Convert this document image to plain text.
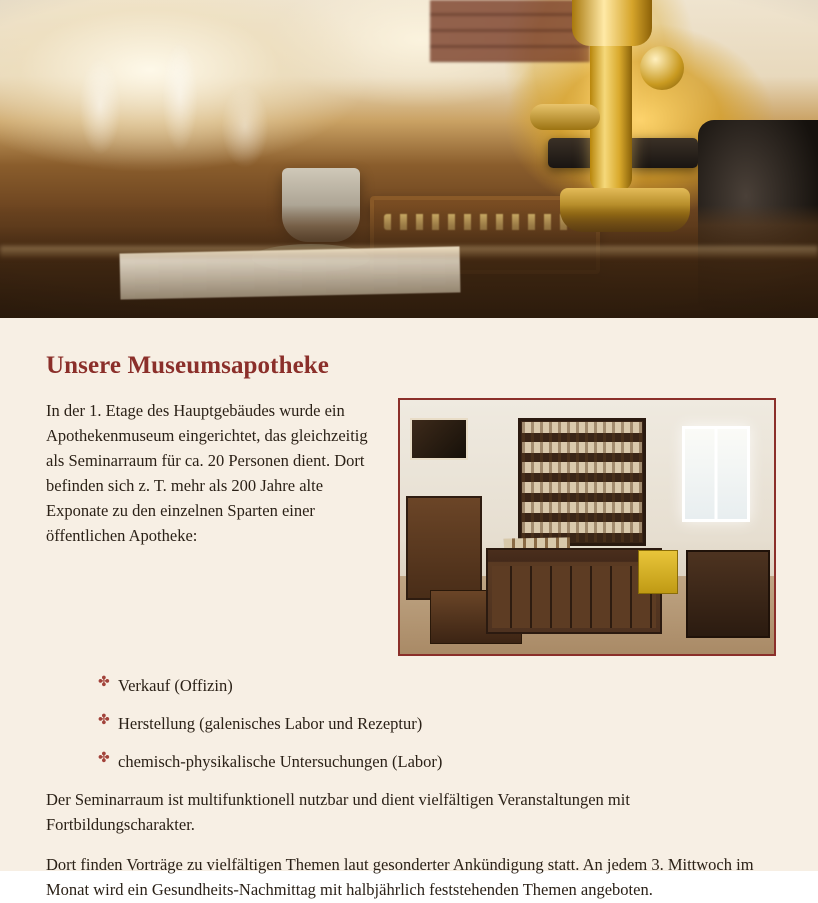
Unsere Museumsapotheke

In der 1. Etage des Hauptgebäudes wurde ein Apothekenmuseum eingerichtet, das gleichzeitig als Seminarraum für ca. 20 Personen dient. Dort befinden sich z. T. mehr als 200 Jahre alte Exponate zu den einzelnen Sparten einer öffentlichen Apotheke:

✤ Verkauf (Offizin)
✤ Herstellung (galenisches Labor und Rezeptur)
✤ chemisch-physikalische Untersuchungen (Labor)

Der Seminarraum ist multifunktionell nutzbar und dient vielfältigen Veranstaltungen mit Fortbildungscharakter.

Dort finden Vorträge zu vielfältigen Themen laut gesonderter Ankündigung statt. An jedem 3. Mittwoch im Monat wird ein Gesundheits-Nachmittag mit halbjährlich feststehenden Themen angeboten.
